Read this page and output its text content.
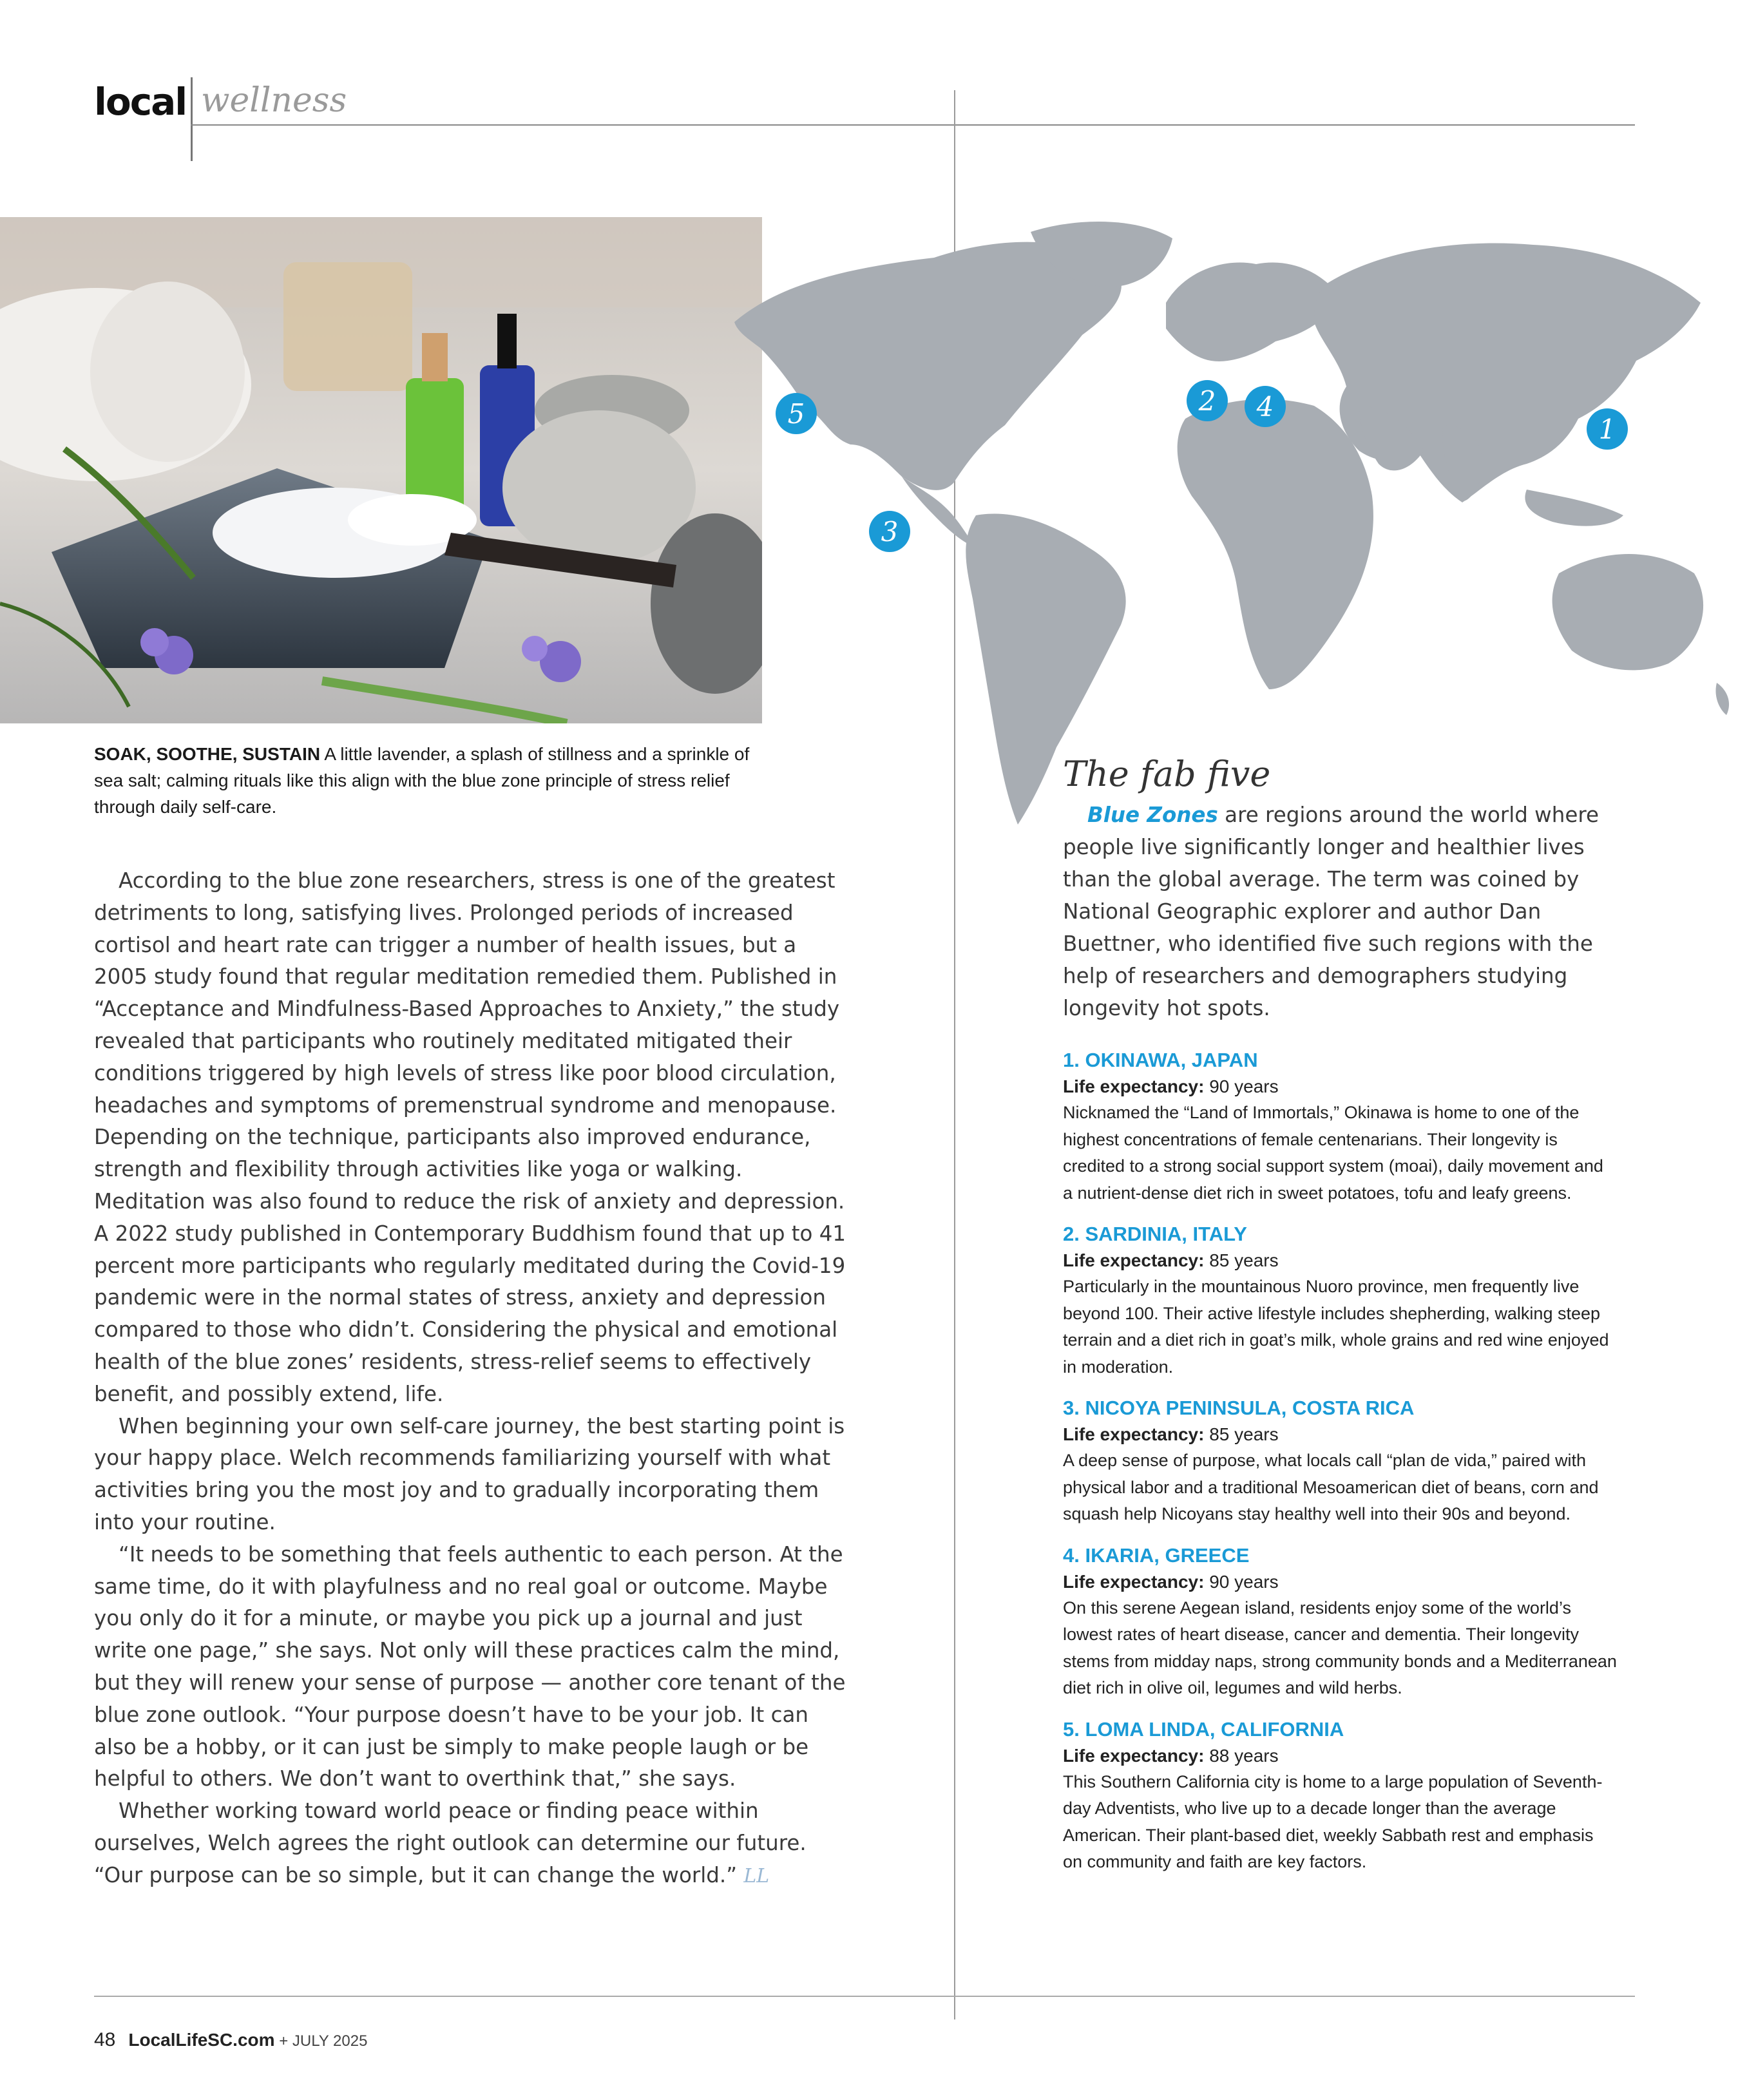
local wellness
SOAK, SOOTHE, SUSTAIN A little lavender, a splash of stillness and a sprinkle of sea salt; calming rituals like this align with the blue zone principle of stress relief through daily self-care.

According to the blue zone researchers, stress is one of the greatest detriments to long, satisfying lives. Prolonged periods of increased cortisol and heart rate can trigger a number of health issues, but a 2005 study found that regular meditation remedied them. Published in “Acceptance and Mindfulness-Based Approaches to Anxiety,” the study revealed that participants who routinely meditated mitigated their conditions triggered by high levels of stress like poor blood circulation, headaches and symptoms of premenstrual syndrome and menopause. Depending on the technique, participants also improved endurance, strength and flexibility through activities like yoga or walking. Meditation was also found to reduce the risk of anxiety and depression. A 2022 study published in Contemporary Buddhism found that up to 41 percent more participants who regularly meditated during the Covid-19 pandemic were in the normal states of stress, anxiety and depression compared to those who didn’t. Considering the physical and emotional health of the blue zones’ residents, stress-relief seems to effectively benefit, and possibly extend, life.

When beginning your own self-care journey, the best starting point is your happy place. Welch recommends familiarizing yourself with what activities bring you the most joy and to gradually incorporating them into your routine.

“It needs to be something that feels authentic to each person. At the same time, do it with playfulness and no real goal or outcome. Maybe you only do it for a minute, or maybe you pick up a journal and just write one page,” she says. Not only will these practices calm the mind, but they will renew your sense of purpose — another core tenant of the blue zone outlook. “Your purpose doesn’t have to be your job. It can also be a hobby, or it can just be simply to make people laugh or be helpful to others. We don’t want to overthink that,” she says.

Whether working toward world peace or finding peace within ourselves, Welch agrees the right outlook can determine our future. “Our purpose can be so simple, but it can change the world.” LL

1
2
3
4
5
The fab five
Blue Zones are regions around the world where people live significantly longer and healthier lives than the global average. The term was coined by National Geographic explorer and author Dan Buettner, who identified five such regions with the help of researchers and demographers studying longevity hot spots.
1. OKINAWA, JAPAN
Life expectancy: 90 years
Nicknamed the “Land of Immortals,” Okinawa is home to one of the highest concentrations of female centenarians. Their longevity is credited to a strong social support system (moai), daily movement and a nutrient-dense diet rich in sweet potatoes, tofu and leafy greens.
2. SARDINIA, ITALY
Life expectancy: 85 years
Particularly in the mountainous Nuoro province, men frequently live beyond 100. Their active lifestyle includes shepherding, walking steep terrain and a diet rich in goat’s milk, whole grains and red wine enjoyed in moderation.
3. NICOYA PENINSULA, COSTA RICA
Life expectancy: 85 years
A deep sense of purpose, what locals call “plan de vida,” paired with physical labor and a traditional Mesoamerican diet of beans, corn and squash help Nicoyans stay healthy well into their 90s and beyond.
4. IKARIA, GREECE
Life expectancy: 90 years
On this serene Aegean island, residents enjoy some of the world’s lowest rates of heart disease, cancer and dementia. Their longevity stems from midday naps, strong community bonds and a Mediterranean diet rich in olive oil, legumes and wild herbs.
5. LOMA LINDA, CALIFORNIA
Life expectancy: 88 years
This Southern California city is home to a large population of Seventh-day Adventists, who live up to a decade longer than the average American. Their plant-based diet, weekly Sabbath rest and emphasis on community and faith are key factors.
48 LocalLifeSC.com + JULY 2025
